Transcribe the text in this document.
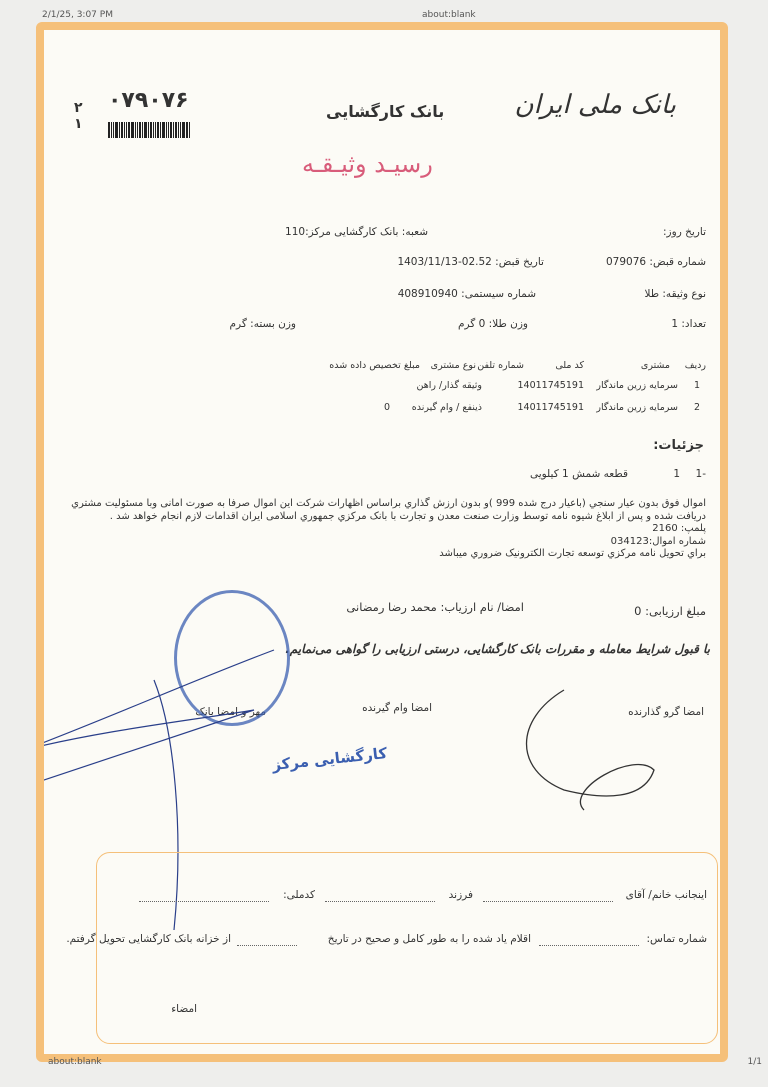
2/1/25, 3:07 PM	about:blank
بانک ملی ایران
بانک کارگشایی
رسیـد وثیـقـه
۰۷۹۰۷۶
٢
١
تاریخ روز:
شعبه: بانک کارگشایی مرکز:110
شماره قبض: 079076
تاریخ قبض: 02.52-1403/11/13
نوع وثیقه: طلا
شماره سیستمی: 408910940
تعداد: 1
وزن طلا: 0 گرم
وزن بسته: گرم
ردیف
مشتری
کد ملی
شماره تلفن
نوع مشتری
مبلغ تخصیص داده شده
1
سرمایه زرین ماندگار
14011745191
وثیقه گذار/ راهن
2
سرمایه زرین ماندگار
14011745191
ذینفع / وام گیرنده
0
جزئیات:
-1
1
قطعه شمش 1 کیلویی
اموال فوق بدون عیار سنجي (باعیار درج شده 999 )و بدون ارزش گذاري براساس اظهارات شرکت این اموال صرفا به صورت امانی وبا مسئولیت مشتري دریافت شده و پس از ابلاغ شیوه نامه توسط وزارت صنعت معدن و تجارت با بانک مرکزي جمهوري اسلامی ایران اقدامات لازم انجام خواهد شد .
پلمپ: 2160
شماره اموال:034123
براي تحویل نامه مرکزي توسعه تجارت الکترونیک ضروري میباشد
مبلغ ارزیابی: 0
امضا/ نام ارزیاب: محمد رضا رمضانی
با قبول شرایط معامله و مقررات بانک کارگشایی، درستی ارزیابی را گواهی می‌نمایم.
امضا گرو گذارنده
امضا وام گیرنده
مهر و امضا بانک
کارگشایی مرکز
اینجانب خانم/ آقای
فرزند
کدملی:
شماره تماس:
اقلام یاد شده را به طور کامل و صحیح در تاریخ
از خزانه بانک کارگشایی تحویل گرفتم.
امضاء
about:blank	1/1
